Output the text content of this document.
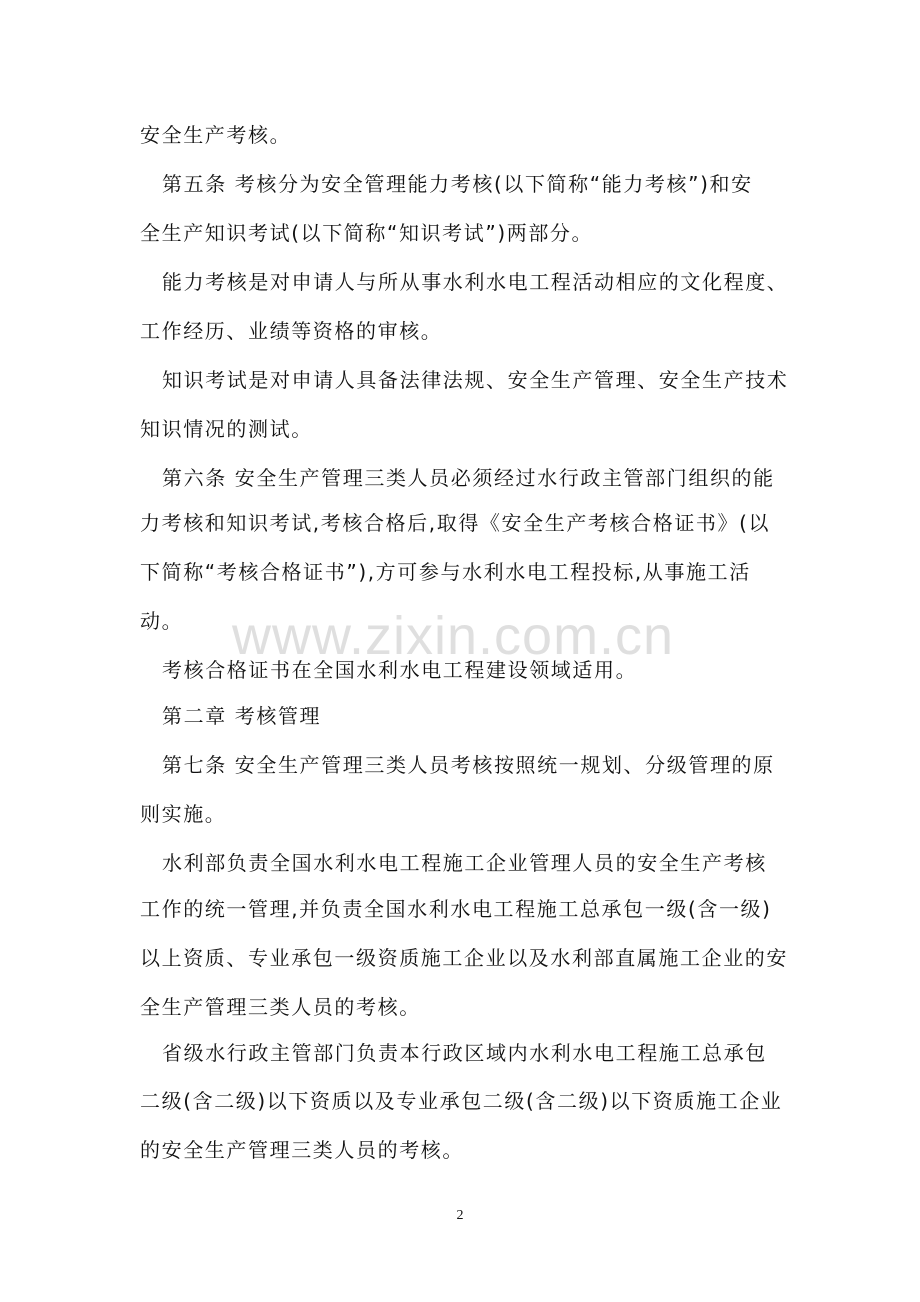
安全生产考核。
第五条 考核分为安全管理能力考核(以下简称“能力考核”)和安
全生产知识考试(以下简称“知识考试”)两部分。
能力考核是对申请人与所从事水利水电工程活动相应的文化程度、
工作经历、业绩等资格的审核。
知识考试是对申请人具备法律法规、安全生产管理、安全生产技术
知识情况的测试。
第六条 安全生产管理三类人员必须经过水行政主管部门组织的能
力考核和知识考试,考核合格后,取得《安全生产考核合格证书》(以
下简称“考核合格证书”),方可参与水利水电工程投标,从事施工活
动。
考核合格证书在全国水利水电工程建设领域适用。
第二章 考核管理
第七条 安全生产管理三类人员考核按照统一规划、分级管理的原
则实施。
水利部负责全国水利水电工程施工企业管理人员的安全生产考核
工作的统一管理,并负责全国水利水电工程施工总承包一级(含一级)
以上资质、专业承包一级资质施工企业以及水利部直属施工企业的安
全生产管理三类人员的考核。
省级水行政主管部门负责本行政区域内水利水电工程施工总承包
二级(含二级)以下资质以及专业承包二级(含二级)以下资质施工企业
的安全生产管理三类人员的考核。
www.zixin.com.cn
2
